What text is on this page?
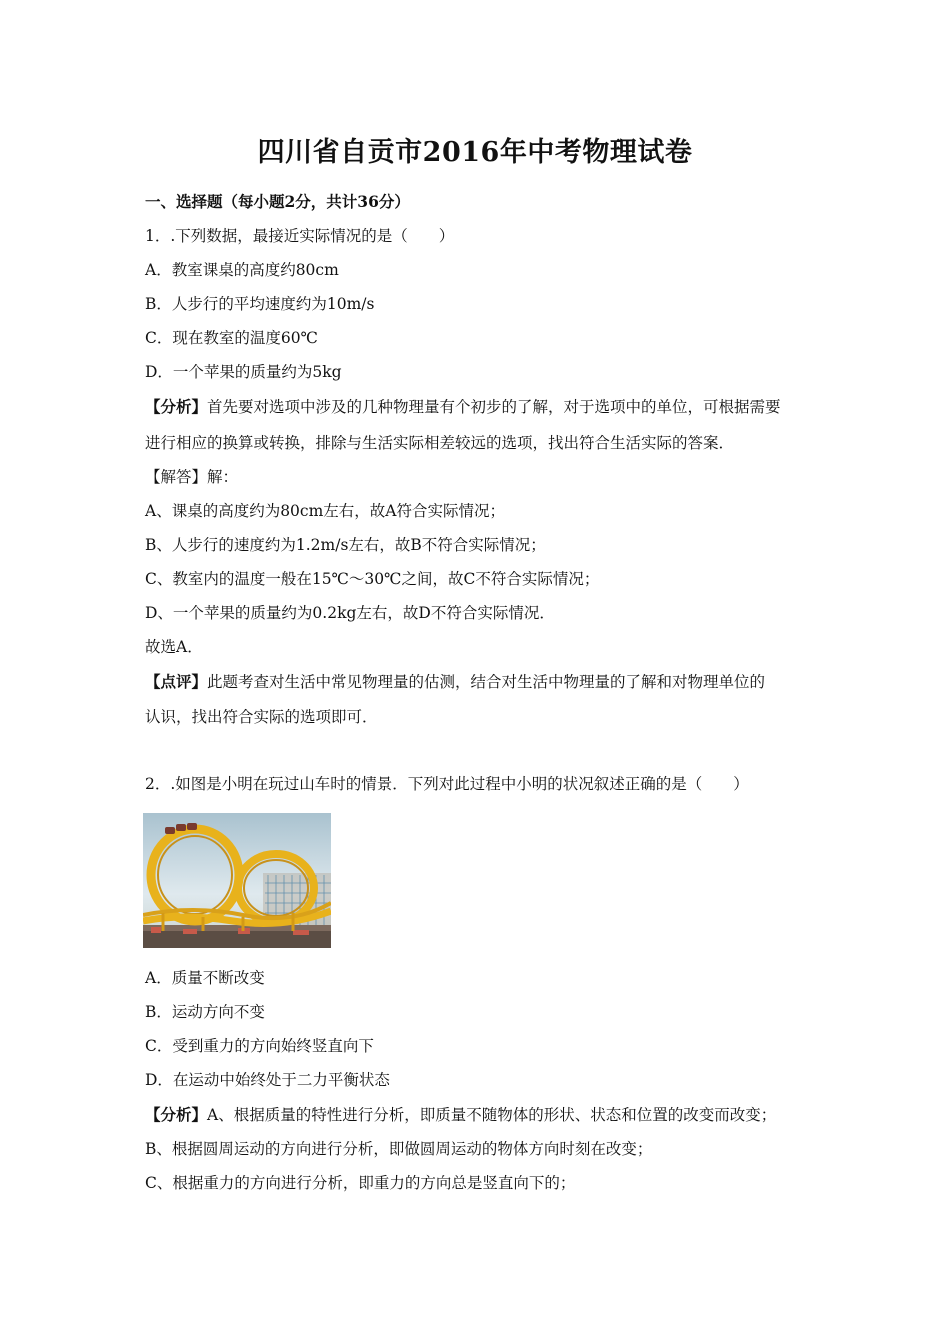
四川省自贡市2016年中考物理试卷
一、选择题（每小题2分，共计36分）
1．.下列数据，最接近实际情况的是（　　）
A．教室课桌的高度约80cm
B．人步行的平均速度约为10m/s
C．现在教室的温度60℃
D．一个苹果的质量约为5kg
【分析】首先要对选项中涉及的几种物理量有个初步的了解，对于选项中的单位，可根据需要
进行相应的换算或转换，排除与生活实际相差较远的选项，找出符合生活实际的答案．
【解答】解：
A、课桌的高度约为80cm左右，故A符合实际情况；
B、人步行的速度约为1.2m/s左右，故B不符合实际情况；
C、教室内的温度一般在15℃～30℃之间，故C不符合实际情况；
D、一个苹果的质量约为0.2kg左右，故D不符合实际情况．
故选A．
【点评】此题考查对生活中常见物理量的估测，结合对生活中物理量的了解和对物理单位的
认识，找出符合实际的选项即可．
2．.如图是小明在玩过山车时的情景．下列对此过程中小明的状况叙述正确的是（　　）
A．质量不断改变
B．运动方向不变
C．受到重力的方向始终竖直向下
D．在运动中始终处于二力平衡状态
【分析】A、根据质量的特性进行分析，即质量不随物体的形状、状态和位置的改变而改变；
B、根据圆周运动的方向进行分析，即做圆周运动的物体方向时刻在改变；
C、根据重力的方向进行分析，即重力的方向总是竖直向下的；
